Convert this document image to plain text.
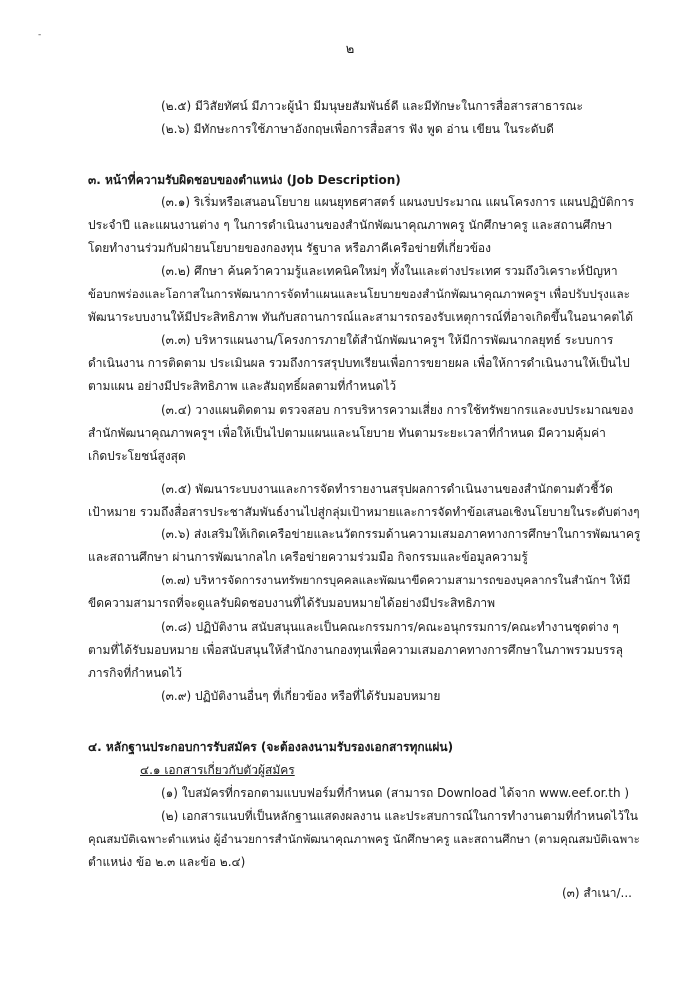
-
๒
(๒.๕) มีวิสัยทัศน์ มีภาวะผู้นำ มีมนุษยสัมพันธ์ดี และมีทักษะในการสื่อสารสาธารณะ
(๒.๖) มีทักษะการใช้ภาษาอังกฤษเพื่อการสื่อสาร ฟัง พูด อ่าน เขียน ในระดับดี
๓. หน้าที่ความรับผิดชอบของตำแหน่ง (Job Description)
(๓.๑) ริเริ่มหรือเสนอนโยบาย แผนยุทธศาสตร์ แผนงบประมาณ แผนโครงการ แผนปฏิบัติการ
ประจำปี และแผนงานต่าง ๆ ในการดำเนินงานของสำนักพัฒนาคุณภาพครู นักศึกษาครู และสถานศึกษา
โดยทำงานร่วมกับฝ่ายนโยบายของกองทุน รัฐบาล หรือภาคีเครือข่ายที่เกี่ยวข้อง
(๓.๒) ศึกษา ค้นคว้าความรู้และเทคนิคใหม่ๆ ทั้งในและต่างประเทศ รวมถึงวิเคราะห์ปัญหา
ข้อบกพร่องและโอกาสในการพัฒนาการจัดทำแผนและนโยบายของสำนักพัฒนาคุณภาพครูฯ เพื่อปรับปรุงและ
พัฒนาระบบงานให้มีประสิทธิภาพ ทันกับสถานการณ์และสามารถรองรับเหตุการณ์ที่อาจเกิดขึ้นในอนาคตได้
(๓.๓) บริหารแผนงาน/โครงการภายใต้สำนักพัฒนาครูฯ ให้มีการพัฒนากลยุทธ์ ระบบการ
ดำเนินงาน การติดตาม ประเมินผล รวมถึงการสรุปบทเรียนเพื่อการขยายผล เพื่อให้การดำเนินงานให้เป็นไป
ตามแผน อย่างมีประสิทธิภาพ และสัมฤทธิ์ผลตามที่กำหนดไว้
(๓.๔) วางแผนติดตาม ตรวจสอบ การบริหารความเสี่ยง การใช้ทรัพยากรและงบประมาณของ
สำนักพัฒนาคุณภาพครูฯ เพื่อให้เป็นไปตามแผนและนโยบาย ทันตามระยะเวลาที่กำหนด มีความคุ้มค่า
เกิดประโยชน์สูงสุด
(๓.๕) พัฒนาระบบงานและการจัดทำรายงานสรุปผลการดำเนินงานของสำนักตามตัวชี้วัด
เป้าหมาย รวมถึงสื่อสารประชาสัมพันธ์งานไปสู่กลุ่มเป้าหมายและการจัดทำข้อเสนอเชิงนโยบายในระดับต่างๆ
(๓.๖) ส่งเสริมให้เกิดเครือข่ายและนวัตกรรมด้านความเสมอภาคทางการศึกษาในการพัฒนาครู
และสถานศึกษา ผ่านการพัฒนากลไก เครือข่ายความร่วมมือ กิจกรรมและข้อมูลความรู้
(๓.๗) บริหารจัดการงานทรัพยากรบุคคลและพัฒนาขีดความสามารถของบุคลากรในสำนักฯ ให้มี
ขีดความสามารถที่จะดูแลรับผิดชอบงานที่ได้รับมอบหมายได้อย่างมีประสิทธิภาพ
(๓.๘) ปฏิบัติงาน สนับสนุนและเป็นคณะกรรมการ/คณะอนุกรรมการ/คณะทำงานชุดต่าง ๆ
ตามที่ได้รับมอบหมาย เพื่อสนับสนุนให้สำนักงานกองทุนเพื่อความเสมอภาคทางการศึกษาในภาพรวมบรรลุ
ภารกิจที่กำหนดไว้
(๓.๙) ปฏิบัติงานอื่นๆ ที่เกี่ยวข้อง หรือที่ได้รับมอบหมาย
๔. หลักฐานประกอบการรับสมัคร (จะต้องลงนามรับรองเอกสารทุกแผ่น)
๔.๑ เอกสารเกี่ยวกับตัวผู้สมัคร
(๑) ใบสมัครที่กรอกตามแบบฟอร์มที่กำหนด (สามารถ Download ได้จาก www.eef.or.th )
(๒) เอกสารแนบที่เป็นหลักฐานแสดงผลงาน และประสบการณ์ในการทำงานตามที่กำหนดไว้ใน
คุณสมบัติเฉพาะตำแหน่ง ผู้อำนวยการสำนักพัฒนาคุณภาพครู นักศึกษาครู และสถานศึกษา (ตามคุณสมบัติเฉพาะ
ตำแหน่ง ข้อ ๒.๓ และข้อ ๒.๔)
(๓) สำเนา/...
